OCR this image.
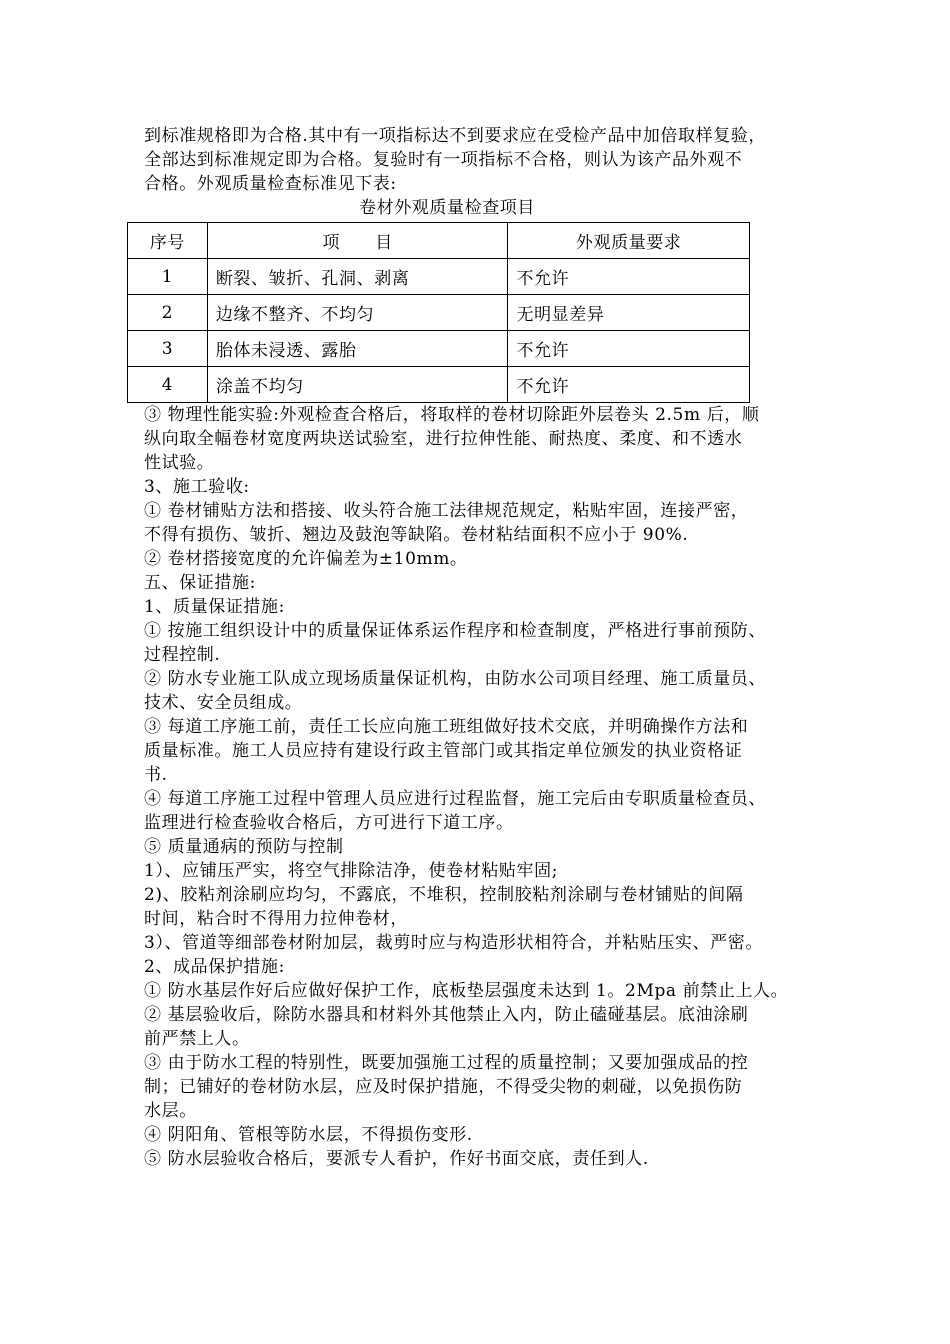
到标准规格即为合格.其中有一项指标达不到要求应在受检产品中加倍取样复验，
全部达到标准规定即为合格。复验时有一项指标不合格，则认为该产品外观不
合格。外观质量检查标准见下表:
卷材外观质量检查项目
序号	项　　目	外观质量要求
1	断裂、皱折、孔洞、剥离	不允许
2	边缘不整齐、不均匀	无明显差异
3	胎体未浸透、露胎	不允许
4	涂盖不均匀	不允许
③ 物理性能实验:外观检查合格后，将取样的卷材切除距外层卷头 2.5m 后，顺
纵向取全幅卷材宽度两块送试验室，进行拉伸性能、耐热度、柔度、和不透水
性试验。
3、施工验收:
① 卷材铺贴方法和搭接、收头符合施工法律规范规定，粘贴牢固，连接严密，
不得有损伤、皱折、翘边及鼓泡等缺陷。卷材粘结面积不应小于 90%.
② 卷材搭接宽度的允许偏差为±10mm。
五、保证措施:
1、质量保证措施:
① 按施工组织设计中的质量保证体系运作程序和检查制度，严格进行事前预防、
过程控制.
② 防水专业施工队成立现场质量保证机构，由防水公司项目经理、施工质量员、
技术、安全员组成。
③ 每道工序施工前，责任工长应向施工班组做好技术交底，并明确操作方法和
质量标准。施工人员应持有建设行政主管部门或其指定单位颁发的执业资格证
书.
④ 每道工序施工过程中管理人员应进行过程监督，施工完后由专职质量检查员、
监理进行检查验收合格后，方可进行下道工序。
⑤ 质量通病的预防与控制
1）、应铺压严实，将空气排除洁净，使卷材粘贴牢固;
2)、胶粘剂涂刷应均匀，不露底，不堆积，控制胶粘剂涂刷与卷材铺贴的间隔
时间，粘合时不得用力拉伸卷材，
3）、管道等细部卷材附加层，裁剪时应与构造形状相符合，并粘贴压实、严密。
2、成品保护措施:
① 防水基层作好后应做好保护工作，底板垫层强度未达到 1。2Mpa 前禁止上人。
② 基层验收后，除防水器具和材料外其他禁止入内，防止磕碰基层。底油涂刷
前严禁上人。
③ 由于防水工程的特别性，既要加强施工过程的质量控制；又要加强成品的控
制；已铺好的卷材防水层，应及时保护措施，不得受尖物的刺碰，以免损伤防
水层。
④ 阴阳角、管根等防水层，不得损伤变形.
⑤ 防水层验收合格后，要派专人看护，作好书面交底，责任到人.
